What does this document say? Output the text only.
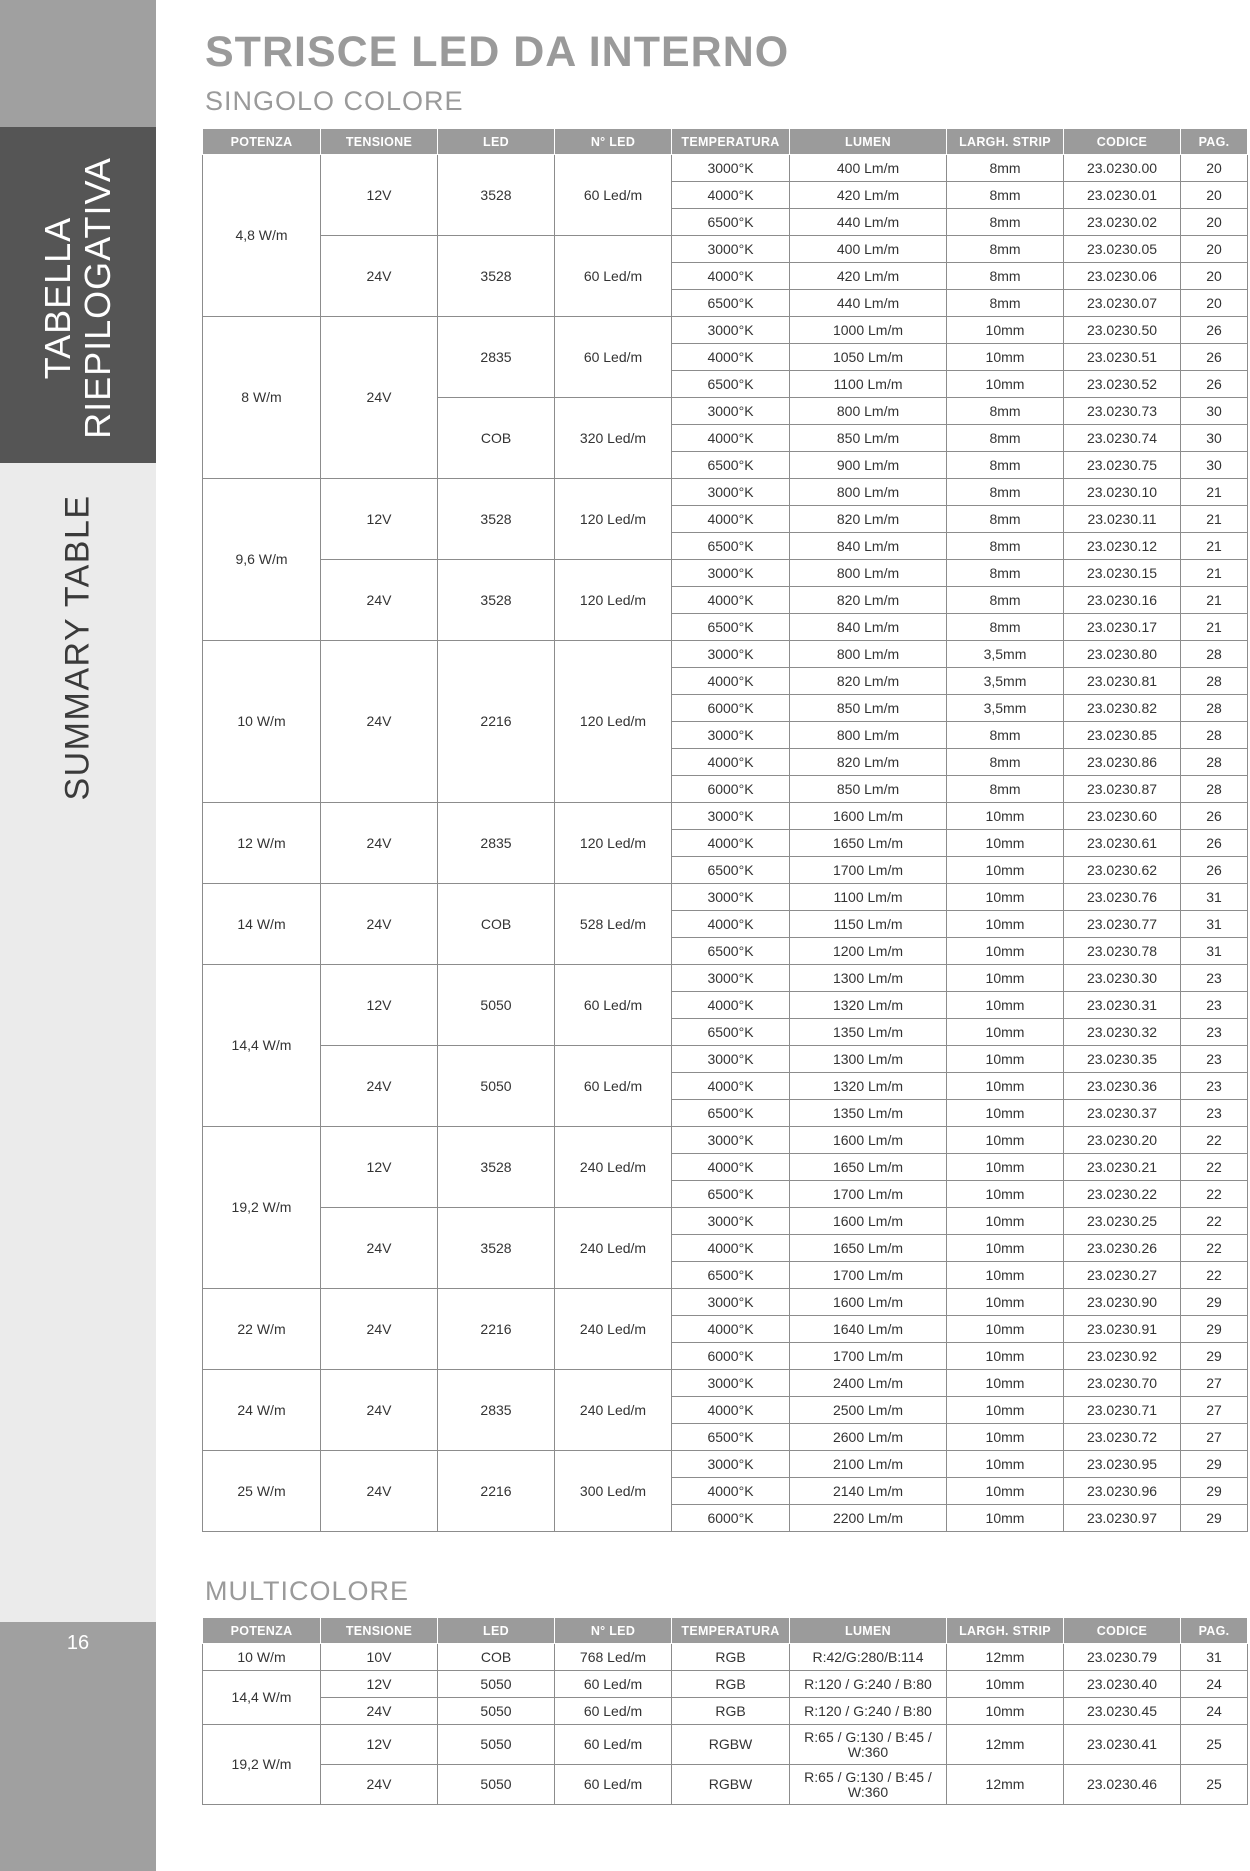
TABELLA RIEPILOGATIVA
SUMMARY TABLE
16
STRISCE LED DA INTERNO
SINGOLO COLORE
POTENZA	TENSIONE	LED	N° LED	TEMPERATURA	LUMEN	LARGH. STRIP	CODICE	PAG.
4,8 W/m	12V	3528	60 Led/m	3000°K	400 Lm/m	8mm	23.0230.00	20
				4000°K	420 Lm/m	8mm	23.0230.01	20
				6500°K	440 Lm/m	8mm	23.0230.02	20
	24V	3528	60 Led/m	3000°K	400 Lm/m	8mm	23.0230.05	20
				4000°K	420 Lm/m	8mm	23.0230.06	20
				6500°K	440 Lm/m	8mm	23.0230.07	20
8 W/m	24V	2835	60 Led/m	3000°K	1000 Lm/m	10mm	23.0230.50	26
				4000°K	1050 Lm/m	10mm	23.0230.51	26
				6500°K	1100 Lm/m	10mm	23.0230.52	26
		COB	320 Led/m	3000°K	800 Lm/m	8mm	23.0230.73	30
				4000°K	850 Lm/m	8mm	23.0230.74	30
				6500°K	900 Lm/m	8mm	23.0230.75	30
9,6 W/m	12V	3528	120 Led/m	3000°K	800 Lm/m	8mm	23.0230.10	21
				4000°K	820 Lm/m	8mm	23.0230.11	21
				6500°K	840 Lm/m	8mm	23.0230.12	21
	24V	3528	120 Led/m	3000°K	800 Lm/m	8mm	23.0230.15	21
				4000°K	820 Lm/m	8mm	23.0230.16	21
				6500°K	840 Lm/m	8mm	23.0230.17	21
10 W/m	24V	2216	120 Led/m	3000°K	800 Lm/m	3,5mm	23.0230.80	28
				4000°K	820 Lm/m	3,5mm	23.0230.81	28
				6000°K	850 Lm/m	3,5mm	23.0230.82	28
				3000°K	800 Lm/m	8mm	23.0230.85	28
				4000°K	820 Lm/m	8mm	23.0230.86	28
				6000°K	850 Lm/m	8mm	23.0230.87	28
12 W/m	24V	2835	120 Led/m	3000°K	1600 Lm/m	10mm	23.0230.60	26
				4000°K	1650 Lm/m	10mm	23.0230.61	26
				6500°K	1700 Lm/m	10mm	23.0230.62	26
14 W/m	24V	COB	528 Led/m	3000°K	1100 Lm/m	10mm	23.0230.76	31
				4000°K	1150 Lm/m	10mm	23.0230.77	31
				6500°K	1200 Lm/m	10mm	23.0230.78	31
14,4 W/m	12V	5050	60 Led/m	3000°K	1300 Lm/m	10mm	23.0230.30	23
				4000°K	1320 Lm/m	10mm	23.0230.31	23
				6500°K	1350 Lm/m	10mm	23.0230.32	23
	24V	5050	60 Led/m	3000°K	1300 Lm/m	10mm	23.0230.35	23
				4000°K	1320 Lm/m	10mm	23.0230.36	23
				6500°K	1350 Lm/m	10mm	23.0230.37	23
19,2 W/m	12V	3528	240 Led/m	3000°K	1600 Lm/m	10mm	23.0230.20	22
				4000°K	1650 Lm/m	10mm	23.0230.21	22
				6500°K	1700 Lm/m	10mm	23.0230.22	22
	24V	3528	240 Led/m	3000°K	1600 Lm/m	10mm	23.0230.25	22
				4000°K	1650 Lm/m	10mm	23.0230.26	22
				6500°K	1700 Lm/m	10mm	23.0230.27	22
22 W/m	24V	2216	240 Led/m	3000°K	1600 Lm/m	10mm	23.0230.90	29
				4000°K	1640 Lm/m	10mm	23.0230.91	29
				6000°K	1700 Lm/m	10mm	23.0230.92	29
24 W/m	24V	2835	240 Led/m	3000°K	2400 Lm/m	10mm	23.0230.70	27
				4000°K	2500 Lm/m	10mm	23.0230.71	27
				6500°K	2600 Lm/m	10mm	23.0230.72	27
25 W/m	24V	2216	300 Led/m	3000°K	2100 Lm/m	10mm	23.0230.95	29
				4000°K	2140 Lm/m	10mm	23.0230.96	29
				6000°K	2200 Lm/m	10mm	23.0230.97	29
MULTICOLORE
POTENZA	TENSIONE	LED	N° LED	TEMPERATURA	LUMEN	LARGH. STRIP	CODICE	PAG.
10 W/m	10V	COB	768 Led/m	RGB	R:42/G:280/B:114	12mm	23.0230.79	31
14,4 W/m	12V	5050	60 Led/m	RGB	R:120 / G:240 / B:80	10mm	23.0230.40	24
	24V	5050	60 Led/m	RGB	R:120 / G:240 / B:80	10mm	23.0230.45	24
19,2 W/m	12V	5050	60 Led/m	RGBW	R:65 / G:130 / B:45 / W:360	12mm	23.0230.41	25
	24V	5050	60 Led/m	RGBW	R:65 / G:130 / B:45 / W:360	12mm	23.0230.46	25
